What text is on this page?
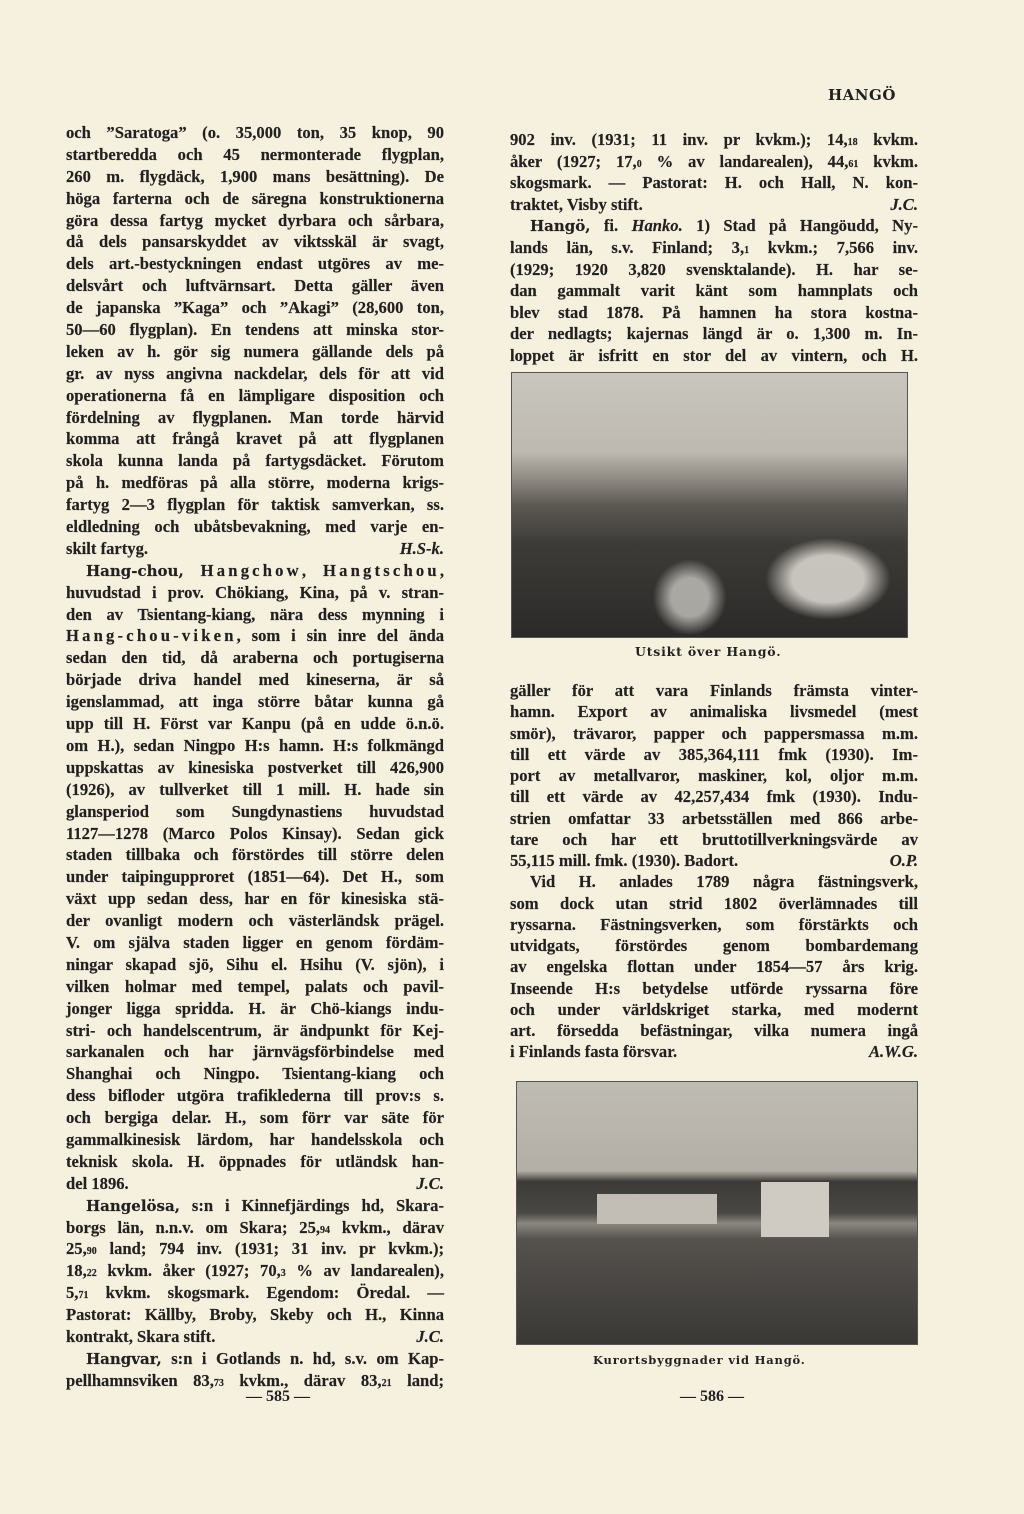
HANGÖ
och ”Saratoga” (o. 35,000 ton, 35 knop, 90
startberedda och 45 nermonterade flygplan,
260 m. flygdäck, 1,900 mans besättning). De
höga farterna och de säregna konstruktionerna
göra dessa fartyg mycket dyrbara och sårbara,
då dels pansarskyddet av viktsskäl är svagt,
dels art.-bestyckningen endast utgöres av me-
delsvårt och luftvärnsart. Detta gäller även
de japanska ”Kaga” och ”Akagi” (28,600 ton,
50—60 flygplan). En tendens att minska stor-
leken av h. gör sig numera gällande dels på
gr. av nyss angivna nackdelar, dels för att vid
operationerna få en lämpligare disposition och
fördelning av flygplanen. Man torde härvid
komma att frångå kravet på att flygplanen
skola kunna landa på fartygsdäcket. Förutom
på h. medföras på alla större, moderna krigs-
fartyg 2—3 flygplan för taktisk samverkan, ss.
eldledning och ubåtsbevakning, med varje en-
skilt fartyg.	H.S-k.
Hang-chou, Hangchow, Hangtschou,
huvudstad i prov. Chökiang, Kina, på v. stran-
den av Tsientang-kiang, nära dess mynning i
Hang-chou-viken, som i sin inre del ända
sedan den tid, då araberna och portugiserna
började driva handel med kineserna, är så
igenslammad, att inga större båtar kunna gå
upp till H. Först var Kanpu (på en udde ö.n.ö.
om H.), sedan Ningpo H:s hamn. H:s folkmängd
uppskattas av kinesiska postverket till 426,900
(1926), av tullverket till 1 mill. H. hade sin
glansperiod som Sungdynastiens huvudstad
1127—1278 (Marco Polos Kinsay). Sedan gick
staden tillbaka och förstördes till större delen
under taipingupproret (1851—64). Det H., som
växt upp sedan dess, har en för kinesiska stä-
der ovanligt modern och västerländsk prägel.
V. om själva staden ligger en genom fördäm-
ningar skapad sjö, Sihu el. Hsihu (V. sjön), i
vilken holmar med tempel, palats och pavil-
jonger ligga spridda. H. är Chö-kiangs indu-
stri- och handelscentrum, är ändpunkt för Kej-
sarkanalen och har järnvägsförbindelse med
Shanghai och Ningpo. Tsientang-kiang och
dess bifloder utgöra trafiklederna till prov:s s.
och bergiga delar. H., som förr var säte för
gammalkinesisk lärdom, har handelsskola och
teknisk skola. H. öppnades för utländsk han-
del 1896.	J.C.
Hangelösa, s:n i Kinnefjärdings hd, Skara-
borgs län, n.n.v. om Skara; 25,94 kvkm., därav
25,90 land; 794 inv. (1931; 31 inv. pr kvkm.);
18,22 kvkm. åker (1927; 70,3 % av landarealen),
5,71 kvkm. skogsmark. Egendom: Öredal. —
Pastorat: Källby, Broby, Skeby och H., Kinna
kontrakt, Skara stift.	J.C.
Hangvar, s:n i Gotlands n. hd, s.v. om Kap-
pellhamnsviken 83,73 kvkm., därav 83,21 land;
902 inv. (1931; 11 inv. pr kvkm.); 14,18 kvkm.
åker (1927; 17,0 % av landarealen), 44,61 kvkm.
skogsmark. — Pastorat: H. och Hall, N. kon-
traktet, Visby stift.	J.C.
Hangö, fi. Hanko. 1) Stad på Hangöudd, Ny-
lands län, s.v. Finland; 3,1 kvkm.; 7,566 inv.
(1929; 1920 3,820 svensktalande). H. har se-
dan gammalt varit känt som hamnplats och
blev stad 1878. På hamnen ha stora kostna-
der nedlagts; kajernas längd är o. 1,300 m. In-
loppet är isfritt en stor del av vintern, och H.
Utsikt över Hangö.
gäller för att vara Finlands främsta vinter-
hamn. Export av animaliska livsmedel (mest
smör), trävaror, papper och pappersmassa m.m.
till ett värde av 385,364,111 fmk (1930). Im-
port av metallvaror, maskiner, kol, oljor m.m.
till ett värde av 42,257,434 fmk (1930). Indu-
strien omfattar 33 arbetsställen med 866 arbe-
tare och har ett bruttotillverkningsvärde av
55,115 mill. fmk. (1930). Badort.	O.P.
Vid H. anlades 1789 några fästningsverk,
som dock utan strid 1802 överlämnades till
ryssarna. Fästningsverken, som förstärkts och
utvidgats, förstördes genom bombardemang
av engelska flottan under 1854—57 års krig.
Inseende H:s betydelse utförde ryssarna före
och under världskriget starka, med modernt
art. försedda befästningar, vilka numera ingå
i Finlands fasta försvar.	A.W.G.
Kurortsbyggnader vid Hangö.
— 585 —	— 586 —
